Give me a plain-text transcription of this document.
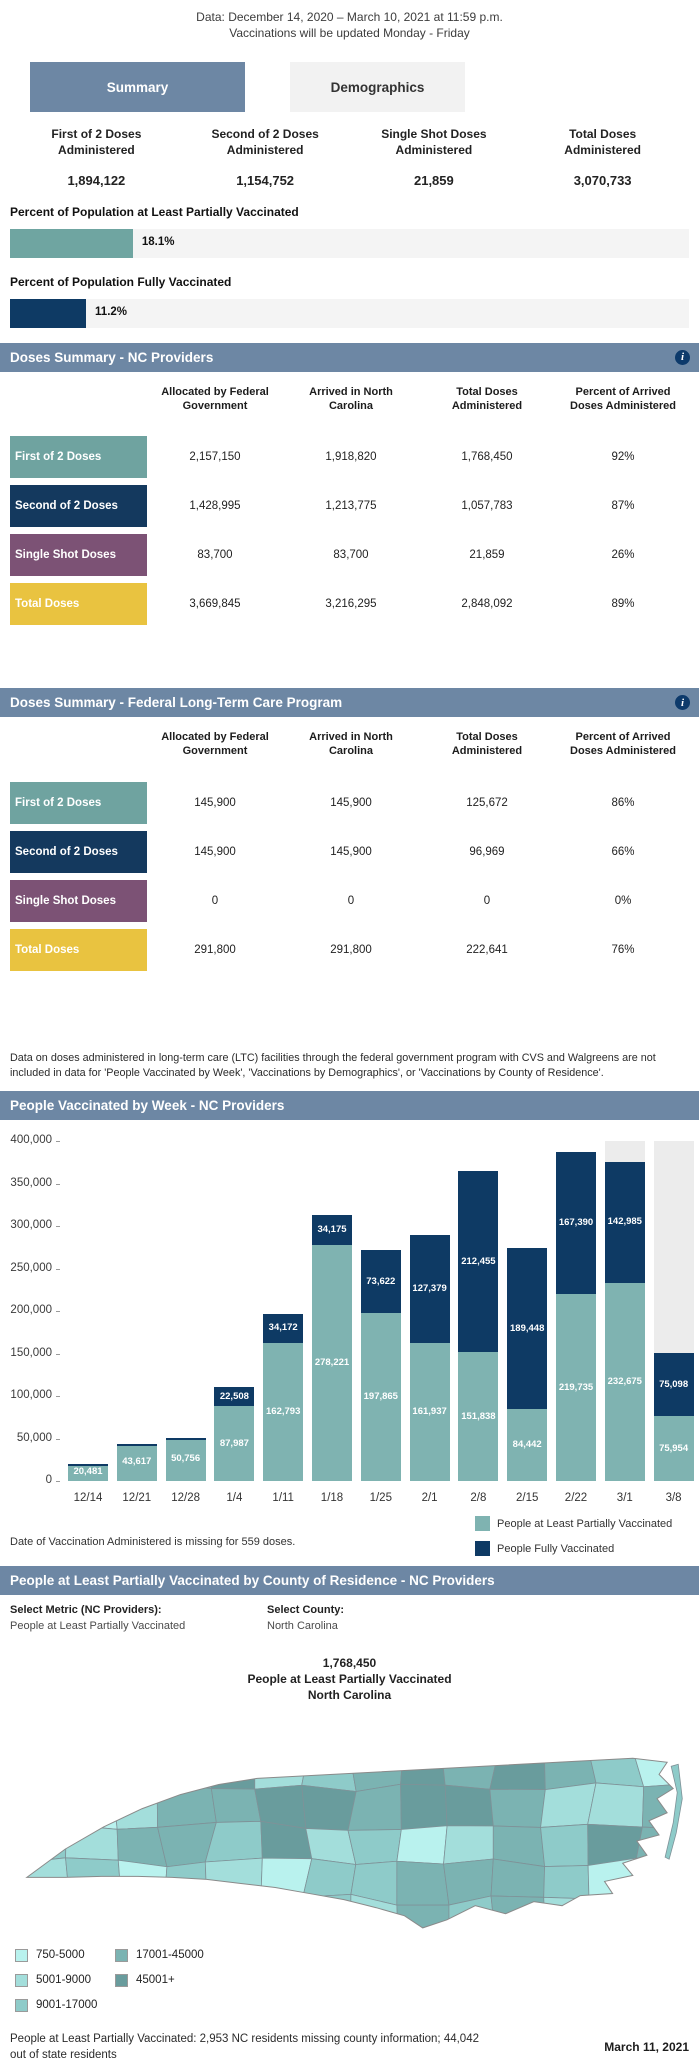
Data: December 14, 2020 – March 10, 2021 at 11:59 p.m.
Vaccinations will be updated Monday - Friday
Summary	Demographics
First of 2 Doses Administered
1,894,122
Second of 2 Doses Administered
1,154,752
Single Shot Doses Administered
21,859
Total Doses Administered
3,070,733
Percent of Population at Least Partially Vaccinated
18.1%
Percent of Population Fully Vaccinated
11.2%
Doses Summary - NC Providers	i
Allocated by Federal Government
Arrived in North Carolina
Total Doses Administered
Percent of Arrived Doses Administered
First of 2 Doses	2,157,150	1,918,820	1,768,450	92%
Second of 2 Doses	1,428,995	1,213,775	1,057,783	87%
Single Shot Doses	83,700	83,700	21,859	26%
Total Doses	3,669,845	3,216,295	2,848,092	89%
Doses Summary - Federal Long-Term Care Program	i
Allocated by Federal Government
Arrived in North Carolina
Total Doses Administered
Percent of Arrived Doses Administered
First of 2 Doses	145,900	145,900	125,672	86%
Second of 2 Doses	145,900	145,900	96,969	66%
Single Shot Doses	0	0	0	0%
Total Doses	291,800	291,800	222,641	76%
Data on doses administered in long-term care (LTC) facilities through the federal government program with CVS and Walgreens are not included in data for 'People Vaccinated by Week', 'Vaccinations by Demographics', or 'Vaccinations by County of Residence'.
People Vaccinated by Week - NC Providers
Date of Vaccination Administered is missing for 559 doses.
0
50,000
100,000
150,000
200,000
250,000
300,000
350,000
400,000
20,481
12/14
43,617
12/21
50,756
12/28
87,987
22,508
1/4
162,793
34,172
1/11
278,221
34,175
1/18
197,865
73,622
1/25
161,937
127,379
2/1
151,838
212,455
2/8
84,442
189,448
2/15
219,735
167,390
2/22
232,675
142,985
3/1
75,954
75,098
3/8
People at Least Partially Vaccinated
People Fully Vaccinated
People at Least Partially Vaccinated by County of Residence - NC Providers
Select Metric (NC Providers):
People at Least Partially Vaccinated
Select County:
North Carolina
1,768,450
People at Least Partially Vaccinated
North Carolina
750-5000
5001-9000
9001-17000
17001-45000
45001+
People at Least Partially Vaccinated: 2,953 NC residents missing county information; 44,042 out of state residents
March 11, 2021
